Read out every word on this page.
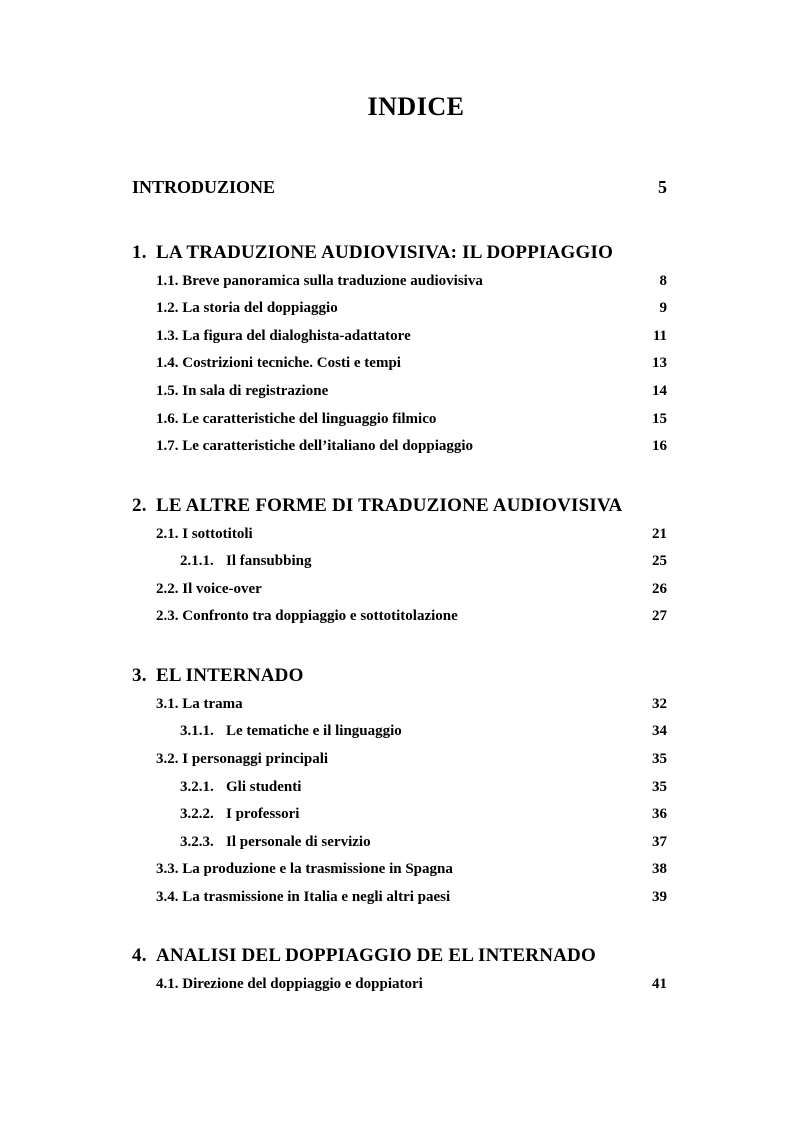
INDICE
INTRODUZIONE	5
1. LA TRADUZIONE AUDIOVISIVA: IL DOPPIAGGIO
1.1. Breve panoramica sulla traduzione audiovisiva	8
1.2. La storia del doppiaggio	9
1.3. La figura del dialoghista-adattatore	11
1.4. Costrizioni tecniche. Costi e tempi	13
1.5. In sala di registrazione	14
1.6. Le caratteristiche del linguaggio filmico	15
1.7. Le caratteristiche dell’italiano del doppiaggio	16
2. LE ALTRE FORME DI TRADUZIONE AUDIOVISIVA
2.1. I sottotitoli	21
2.1.1. Il fansubbing	25
2.2. Il voice-over	26
2.3. Confronto tra doppiaggio e sottotitolazione	27
3. EL INTERNADO
3.1. La trama	32
3.1.1. Le tematiche e il linguaggio	34
3.2. I personaggi principali	35
3.2.1. Gli studenti	35
3.2.2. I professori	36
3.2.3. Il personale di servizio	37
3.3. La produzione e la trasmissione in Spagna	38
3.4. La trasmissione in Italia e negli altri paesi	39
4. ANALISI DEL DOPPIAGGIO DE EL INTERNADO
4.1. Direzione del doppiaggio e doppiatori	41
